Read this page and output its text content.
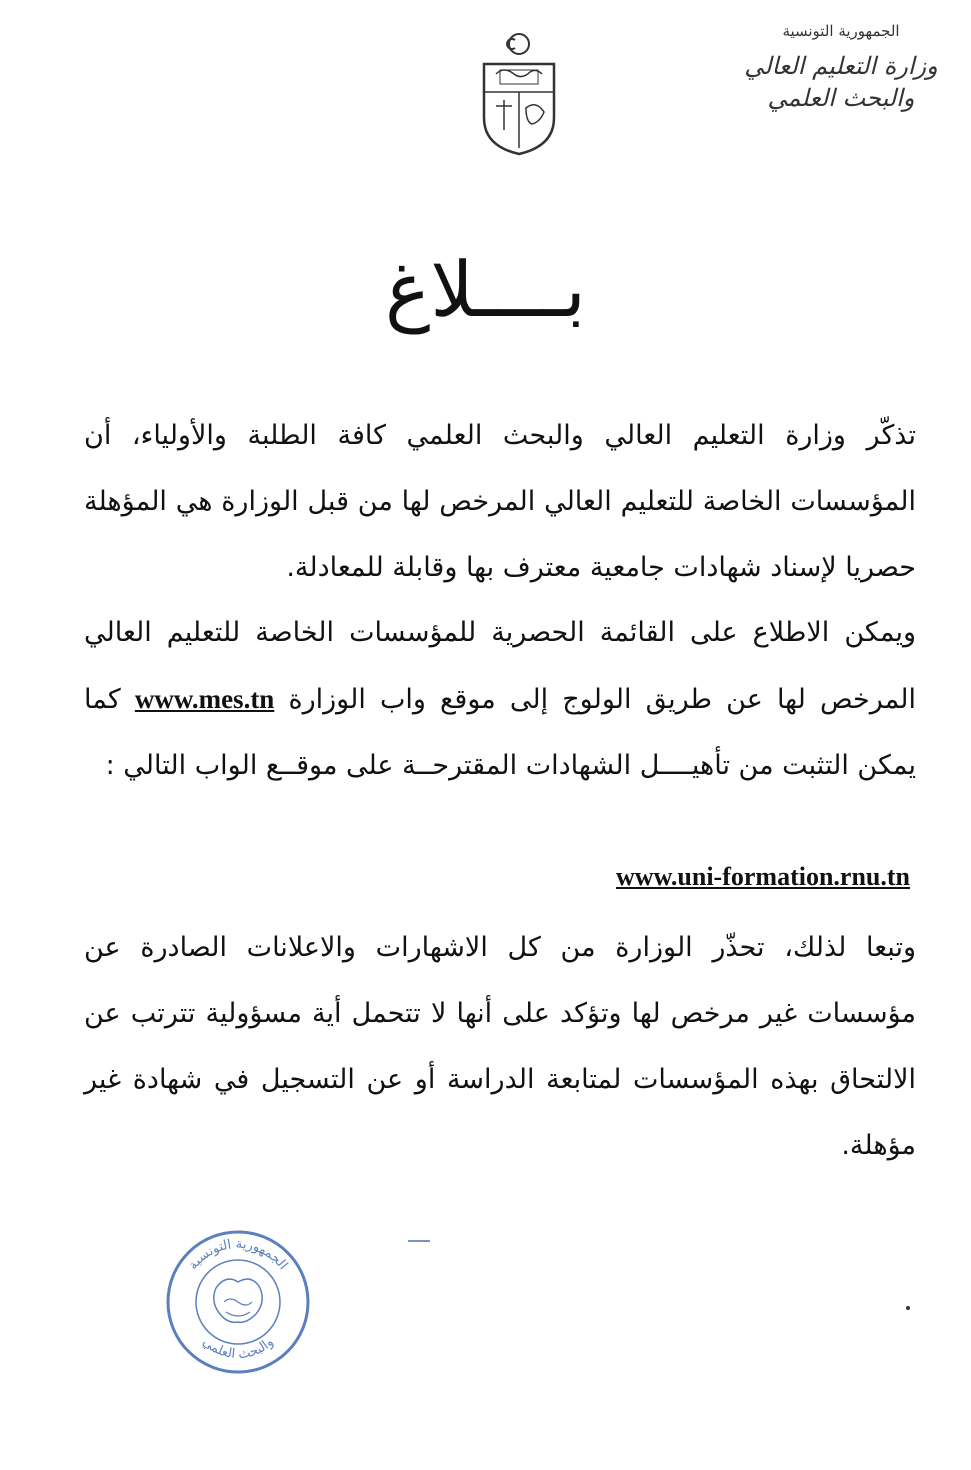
الجمهورية التونسية
وزارة التعليم العالي
والبحث العلمي
بــــلاغ
تذكّر وزارة التعليم العالي والبحث العلمي كافة الطلبة والأولياء، أن المؤسسات الخاصة للتعليم العالي المرخص لها من قبل الوزارة هي المؤهلة حصريا لإسناد شهادات جامعية معترف بها وقابلة للمعادلة.
ويمكن الاطلاع على القائمة الحصرية للمؤسسات الخاصة للتعليم العالي المرخص لها عن طريق الولوج إلى موقع واب الوزارة www.mes.tn كما يمكن التثبت من تأهيــــل الشهادات المقترحــة على موقــع الواب التالي :
www.uni-formation.rnu.tn
وتبعا لذلك، تحذّر الوزارة من كل الاشهارات والاعلانات الصادرة عن مؤسسات غير مرخص لها وتؤكد على أنها لا تتحمل أية مسؤولية تترتب عن الالتحاق بهذه المؤسسات لمتابعة الدراسة أو عن التسجيل في شهادة غير مؤهلة.
الجمهورية التونسية
والبحث العلمي
